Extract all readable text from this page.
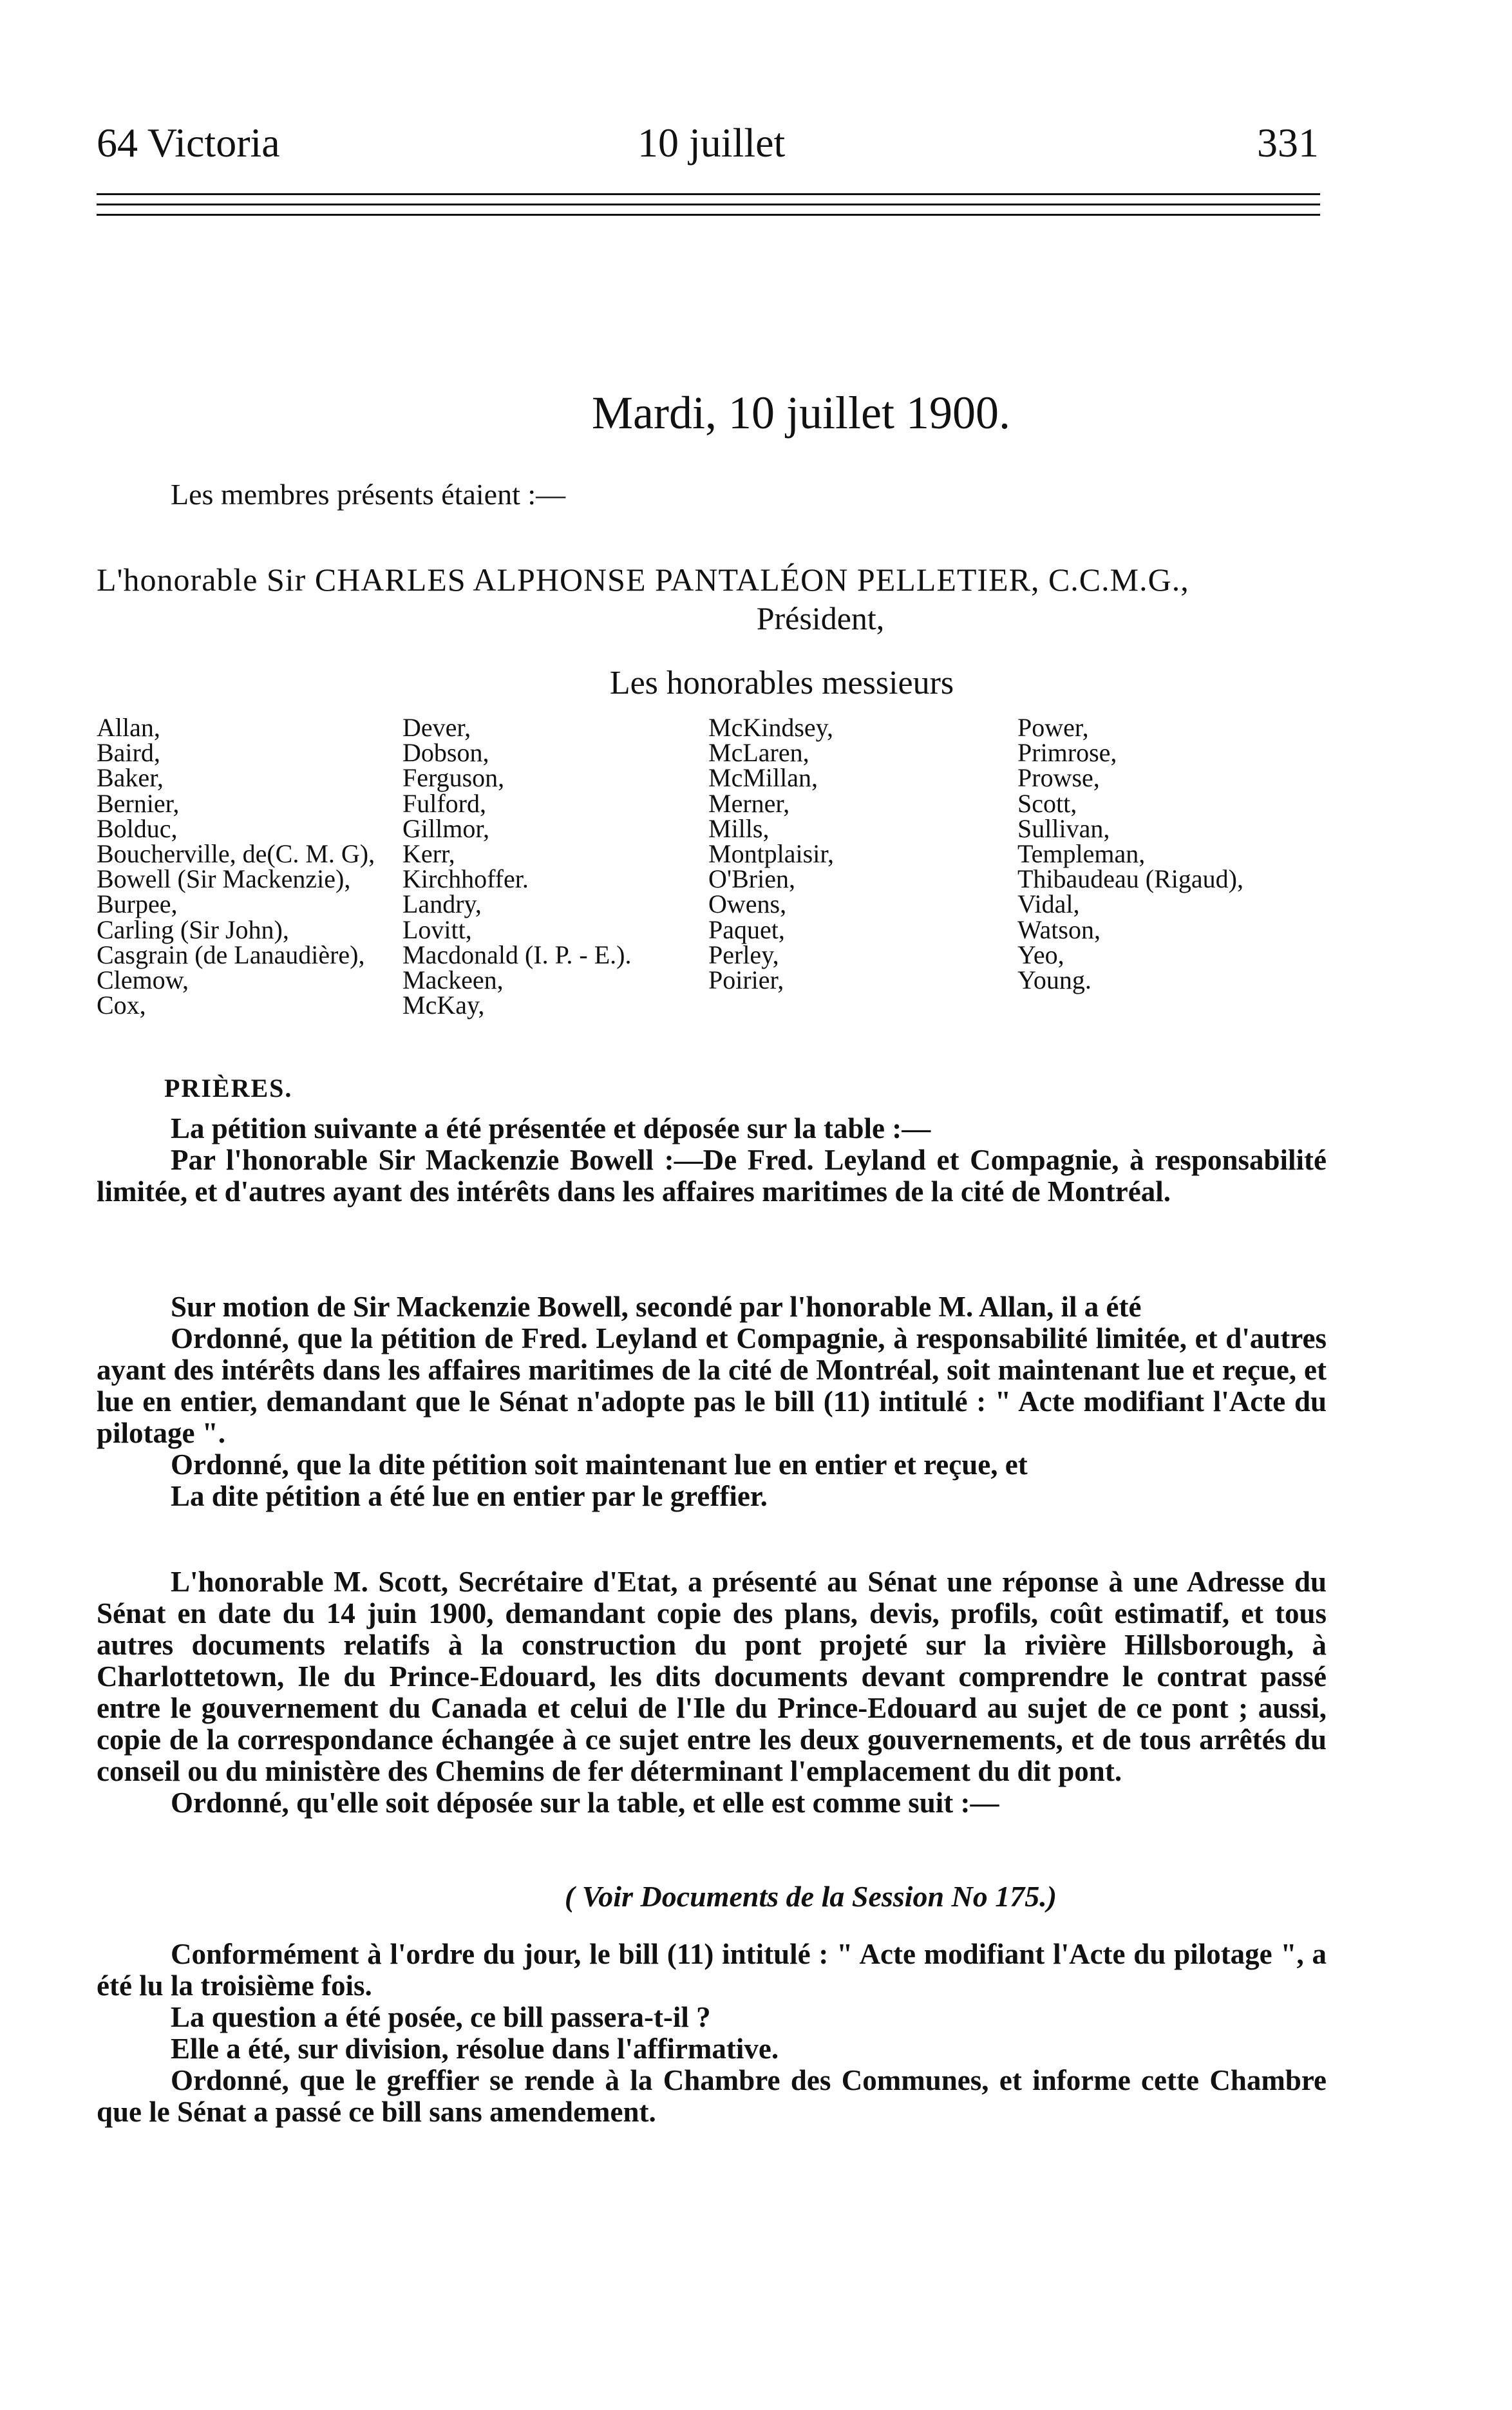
64 Victoria	10 juillet	331
Mardi, 10 juillet 1900.
Les membres présents étaient :—
L'honorable Sir CHARLES ALPHONSE PANTALÉON PELLETIER, C.C.M.G.,
Président,
Les honorables messieurs
Allan,
Baird,
Baker,
Bernier,
Bolduc,
Boucherville, de(C. M. G),
Bowell (Sir Mackenzie),
Burpee,
Carling (Sir John),
Casgrain (de Lanaudière),
Clemow,
Cox,
Dever,
Dobson,
Ferguson,
Fulford,
Gillmor,
Kerr,
Kirchhoffer.
Landry,
Lovitt,
Macdonald (I. P. - E.).
Mackeen,
McKay,
McKindsey,
McLaren,
McMillan,
Merner,
Mills,
Montplaisir,
O'Brien,
Owens,
Paquet,
Perley,
Poirier,
Power,
Primrose,
Prowse,
Scott,
Sullivan,
Templeman,
Thibaudeau (Rigaud),
Vidal,
Watson,
Yeo,
Young.
PRIÈRES.

La pétition suivante a été présentée et déposée sur la table :—

Par l'honorable Sir Mackenzie Bowell :—De Fred. Leyland et Compagnie, à responsabilité limitée, et d'autres ayant des intérêts dans les affaires maritimes de la cité de Montréal.

Sur motion de Sir Mackenzie Bowell, secondé par l'honorable M. Allan, il a été

Ordonné, que la pétition de Fred. Leyland et Compagnie, à responsabilité limitée, et d'autres ayant des intérêts dans les affaires maritimes de la cité de Montréal, soit maintenant lue et reçue, et lue en entier, demandant que le Sénat n'adopte pas le bill (11) intitulé : " Acte modifiant l'Acte du pilotage ".

Ordonné, que la dite pétition soit maintenant lue en entier et reçue, et

La dite pétition a été lue en entier par le greffier.

L'honorable M. Scott, Secrétaire d'Etat, a présenté au Sénat une réponse à une Adresse du Sénat en date du 14 juin 1900, demandant copie des plans, devis, profils, coût estimatif, et tous autres documents relatifs à la construction du pont projeté sur la rivière Hillsborough, à Charlottetown, Ile du Prince-Edouard, les dits documents devant comprendre le contrat passé entre le gouvernement du Canada et celui de l'Ile du Prince-Edouard au sujet de ce pont ; aussi, copie de la correspondance échangée à ce sujet entre les deux gouvernements, et de tous arrêtés du conseil ou du ministère des Chemins de fer déterminant l'emplacement du dit pont.

Ordonné, qu'elle soit déposée sur la table, et elle est comme suit :—

( Voir Documents de la Session No 175.)

Conformément à l'ordre du jour, le bill (11) intitulé : " Acte modifiant l'Acte du pilotage ", a été lu la troisième fois.

La question a été posée, ce bill passera-t-il ?

Elle a été, sur division, résolue dans l'affirmative.

Ordonné, que le greffier se rende à la Chambre des Communes, et informe cette Chambre que le Sénat a passé ce bill sans amendement.
